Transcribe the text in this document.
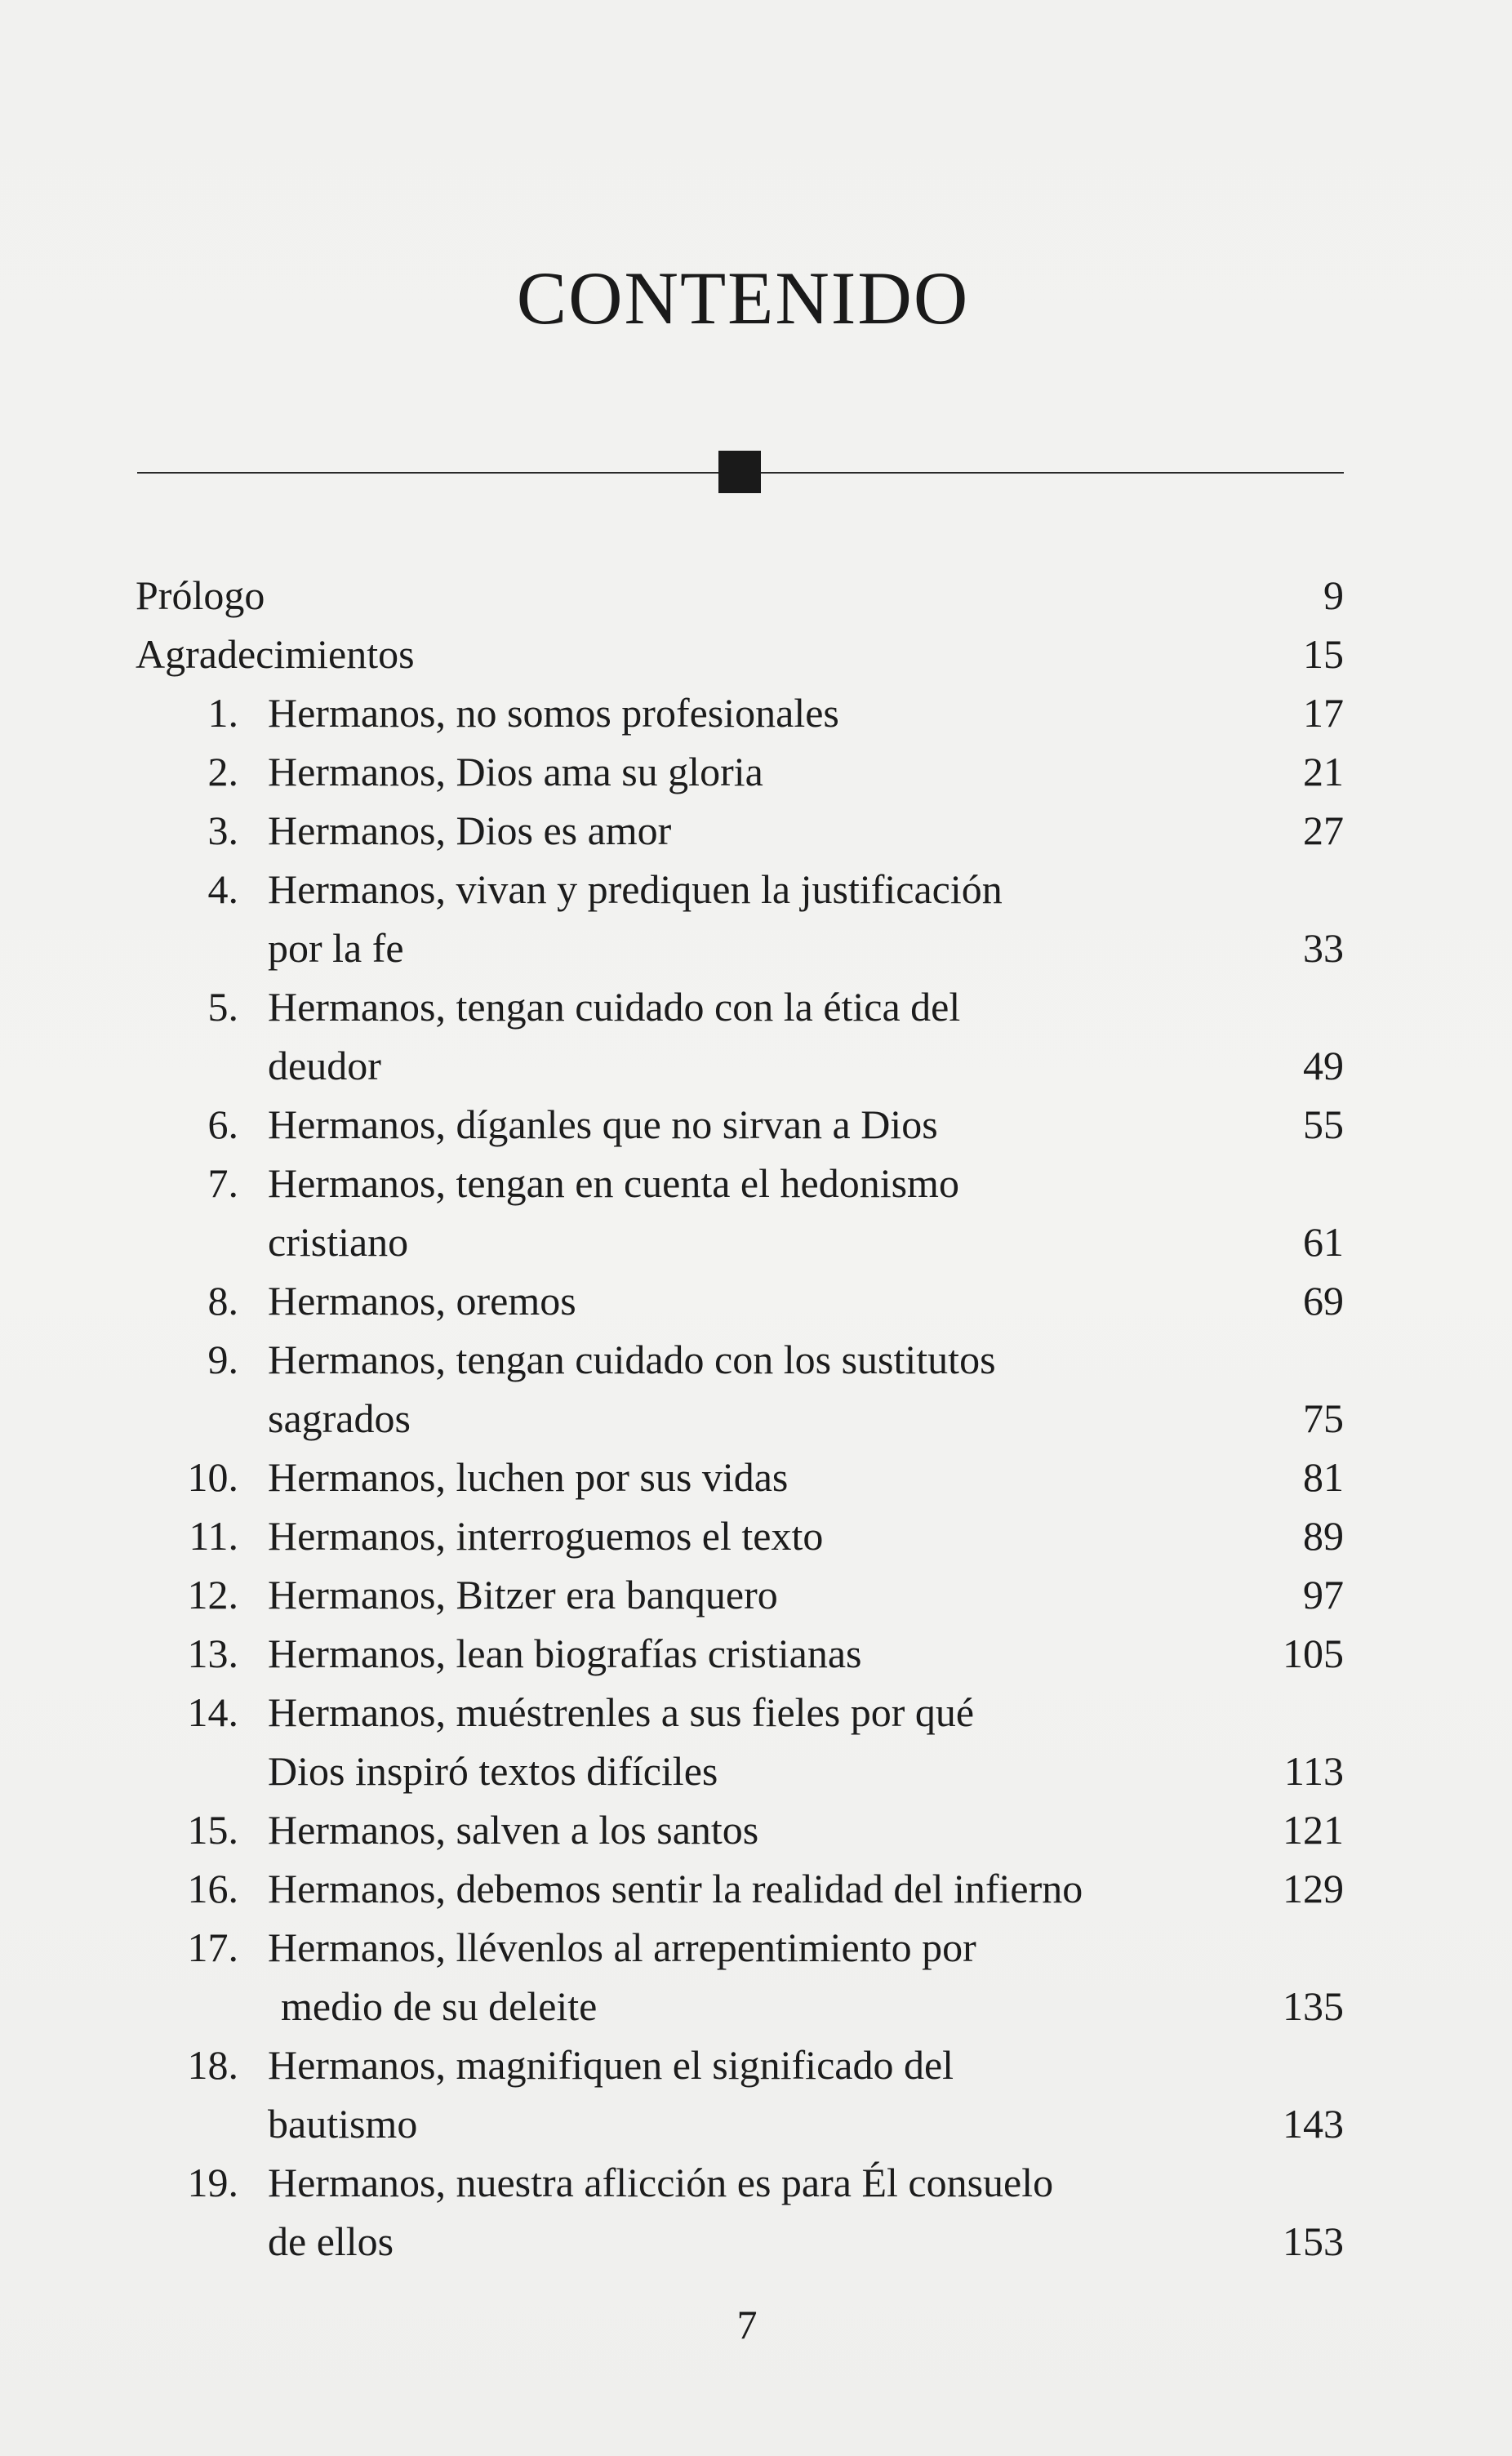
CONTENIDO
Prólogo	9
Agradecimientos	15
1. Hermanos, no somos profesionales	17
2. Hermanos, Dios ama su gloria	21
3. Hermanos, Dios es amor	27
4. Hermanos, vivan y prediquen la justificación
por la fe	33
5. Hermanos, tengan cuidado con la ética del
deudor	49
6. Hermanos, díganles que no sirvan a Dios	55
7. Hermanos, tengan en cuenta el hedonismo
cristiano	61
8. Hermanos, oremos	69
9. Hermanos, tengan cuidado con los sustitutos
sagrados	75
10. Hermanos, luchen por sus vidas	81
11. Hermanos, interroguemos el texto	89
12. Hermanos, Bitzer era banquero	97
13. Hermanos, lean biografías cristianas	105
14. Hermanos, muéstrenles a sus fieles por qué
Dios inspiró textos difíciles	113
15. Hermanos, salven a los santos	121
16. Hermanos, debemos sentir la realidad del infierno	129
17. Hermanos, llévenlos al arrepentimiento por
medio de su deleite	135
18. Hermanos, magnifiquen el significado del
bautismo	143
19. Hermanos, nuestra aflicción es para Él consuelo
de ellos	153
7
